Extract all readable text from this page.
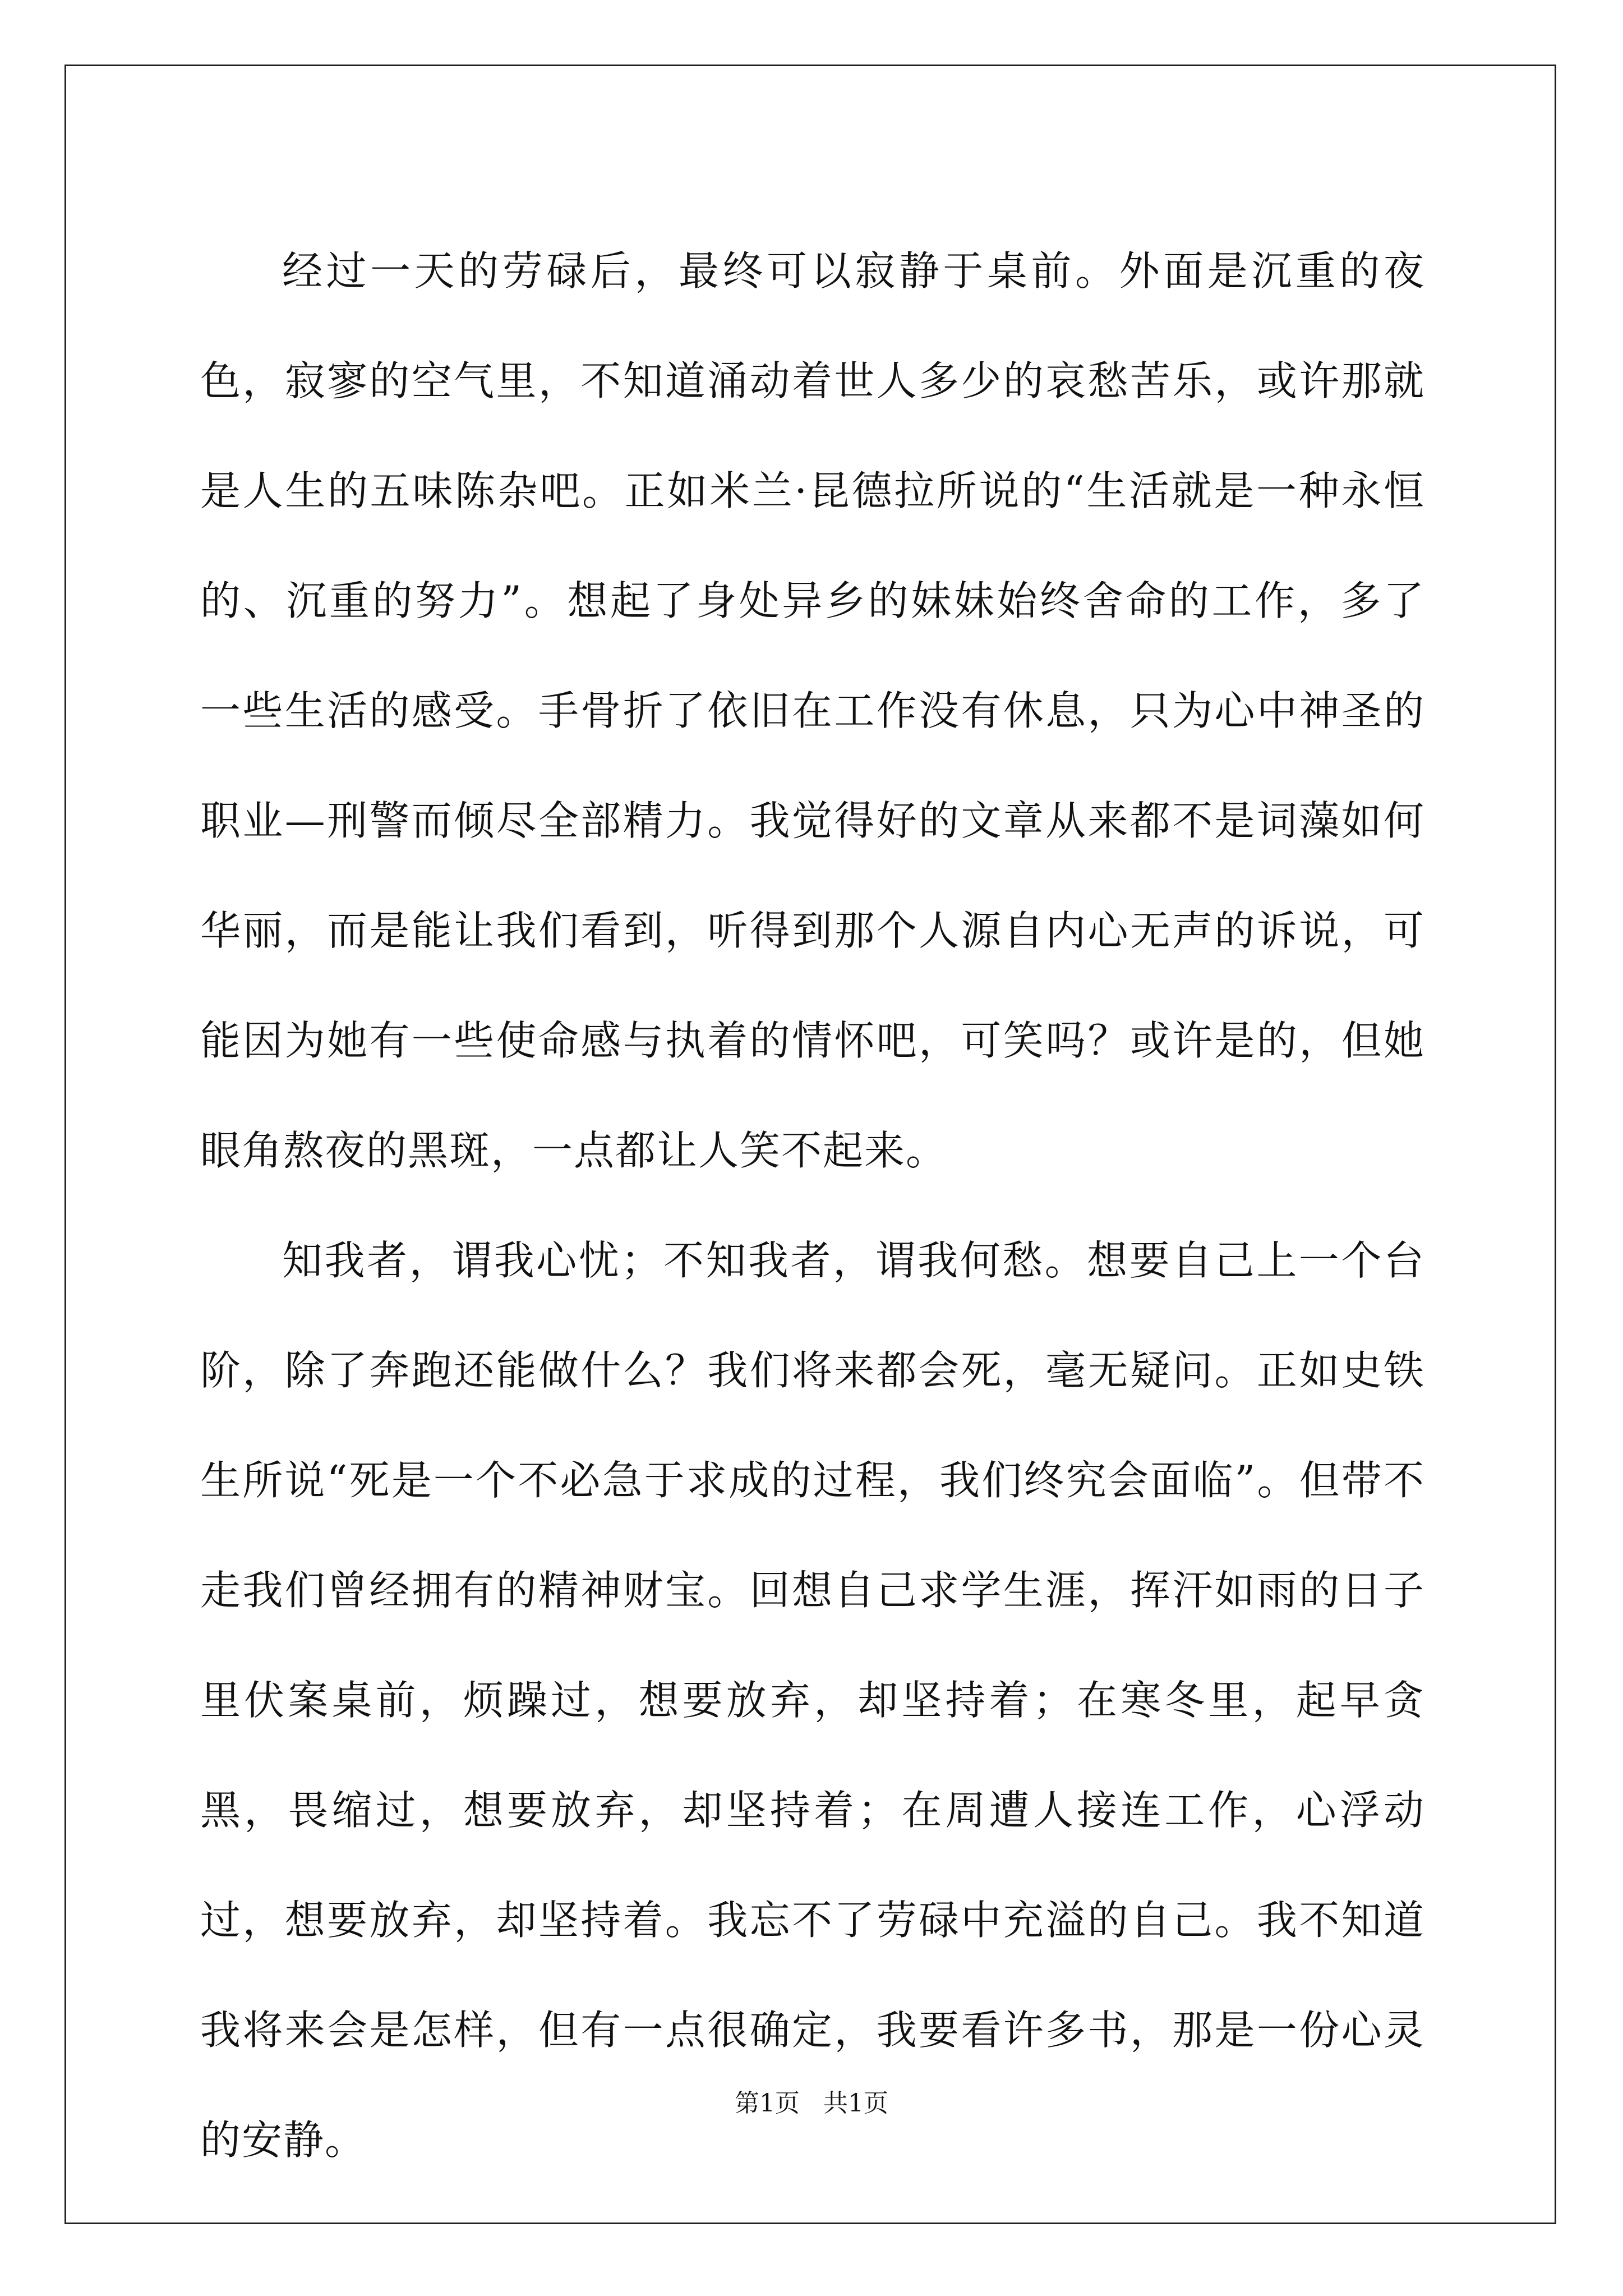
经过一天的劳碌后，最终可以寂静于桌前。外面是沉重的夜色，寂寥的空气里，不知道涌动着世人多少的哀愁苦乐，或许那就是人生的五味陈杂吧。正如米兰·昆德拉所说的“生活就是一种永恒的、沉重的努力”。想起了身处异乡的妹妹始终舍命的工作，多了一些生活的感受。手骨折了依旧在工作没有休息，只为心中神圣的职业—刑警而倾尽全部精力。我觉得好的文章从来都不是词藻如何华丽，而是能让我们看到，听得到那个人源自内心无声的诉说，可能因为她有一些使命感与执着的情怀吧，可笑吗？或许是的，但她眼角熬夜的黑斑，一点都让人笑不起来。

知我者，谓我心忧；不知我者，谓我何愁。想要自己上一个台阶，除了奔跑还能做什么？我们将来都会死，毫无疑问。正如史铁生所说“死是一个不必急于求成的过程，我们终究会面临”。但带不走我们曾经拥有的精神财宝。回想自己求学生涯，挥汗如雨的日子里伏案桌前，烦躁过，想要放弃，却坚持着；在寒冬里，起早贪黑，畏缩过，想要放弃，却坚持着；在周遭人接连工作，心浮动过，想要放弃，却坚持着。我忘不了劳碌中充溢的自己。我不知道我将来会是怎样，但有一点很确定，我要看许多书，那是一份心灵的安静。

第1页   共1页
